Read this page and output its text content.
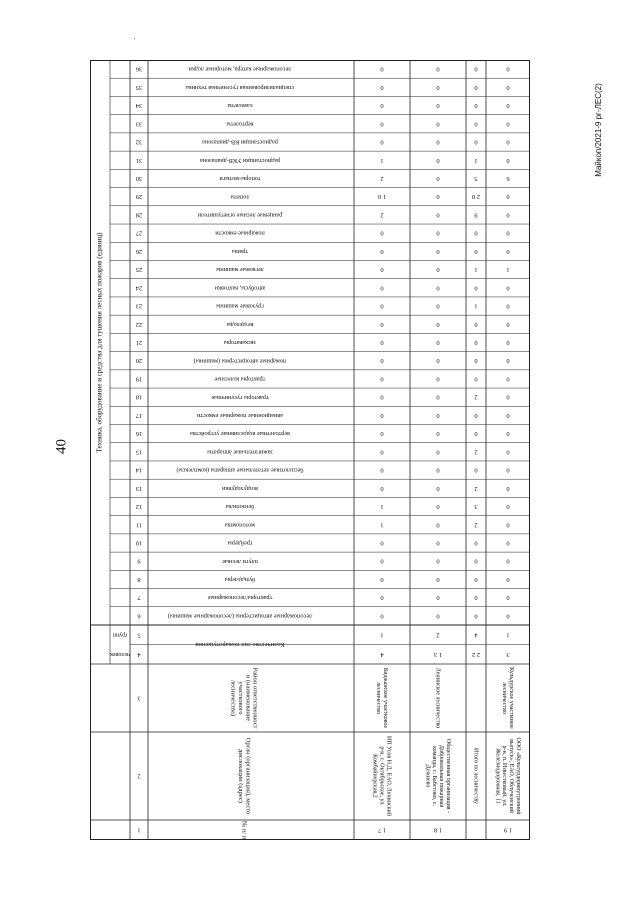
'
40
Майкоп/2021-9 рг-ЛЕС(2)
Техника, оборудование и средства для тушения лесных пожаров (единиц)
лесопожарные автоцистерны (лесопожарные машины)
6
тракторы/лесопожарные
7
бульдозеры
8
плуги лесные
9
грейдеры
10
мотопомпы
11
бензопилы
12
воздуходувки
13
бесшлотные летательные аппараты (комплексы)
14
зажигательные аппараты
15
вертолетные водосливные устройства
16
авиационные пожарные емкости
17
тракторы гусеничные
18
тракторы колесные
19
пожарные автоцистерны (машины)
20
экскаваторы
21
вездеходы
22
грузовые машины
23
автобусы, вахтовки
24
легковые машины
25
трапы
26
пожарные емкости
27
ранцевые лесные огнетушители
28
лопаты
29
топоры-мотыги
30
радиостанции УКВ-диапазона
31
радиостанции КВ-диапазона
32
вертолеты
33
самолеты
34
специализированная гусеничная техника
35
лесопожарные катера, моторные лодки
36
Количество сил пожаротушения
групп
человек
5
4
Район ответственност
и (наименование
участкового
лесничества)
Орган (организация), место
дислокации (адрес)
№ п/ п
3
2
1
0
0
0
0
0
1
1
0
0
0
0
0
0
0
0
0
0
0
0
0
0
0
2
1 0
2
1
0
0
0
0
0
1
4
Биджанское участковое
лесничество
ИП Усов Н.Д. ЕАО, Ленинский
р-н, с. Октябрьское, ул.
Комбайнерская,2
1 7
0
0
0
0
0
0
0
0
0
0
0
0
0
0
0
0
0
0
0
0
0
0
0
0
0
0
0
0
0
0
0
2
1 3
Ленинское лесничество
Общественная организация -
Добровольная пожарная
команда, с. Бабстово, с.
Дежнево
1 8
0
0
0
0
0
2
3
2
0
2
0
0
2
0
0
0
0
1
0
1
0
0
9
2 0
5
1
0
0
0
0
0
4
2 2
Итого по лесничеству
0
0
0
0
0
0
0
0
0
0
0
0
0
0
0
0
0
0
0
1
0
0
0
0
6
0
0
0
0
0
0
1
3
Кульдурское участковое
лесничество
ООО «Культурдорвнутренний
выпуск», ЕАО, Облученский
р-н, п. Известковый, ул.
Железнодорожная, 11
1 9
